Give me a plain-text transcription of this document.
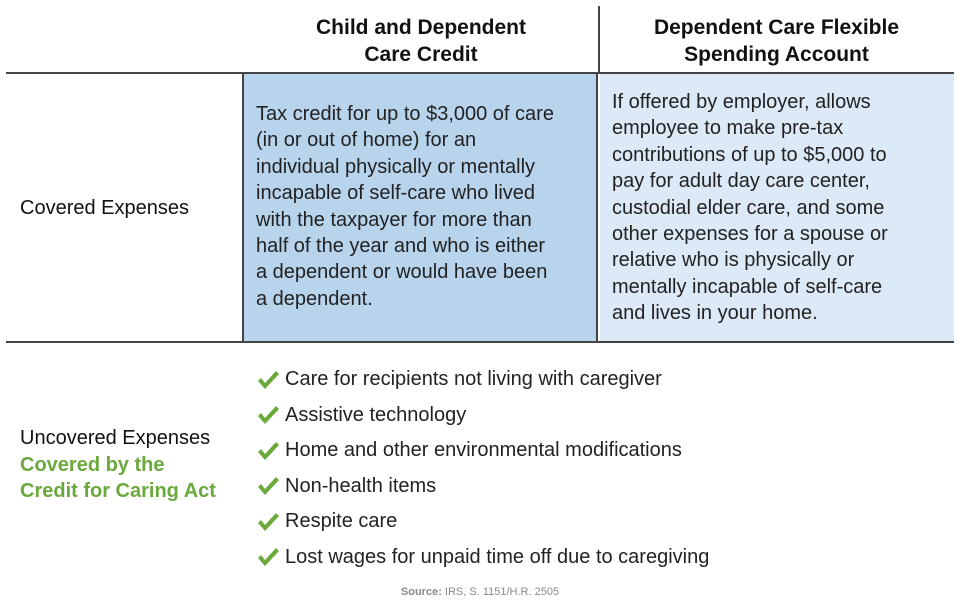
Child and Dependent
Care Credit
Dependent Care Flexible
Spending Account
Tax credit for up to $3,000 of care
(in or out of home) for an
individual physically or mentally
incapable of self-care who lived
with the taxpayer for more than
half of the year and who is either
a dependent or would have been
a dependent.
If offered by employer, allows
employee to make pre-tax
contributions of up to $5,000 to
pay for adult day care center,
custodial elder care, and some
other expenses for a spouse or
relative who is physically or
mentally incapable of self-care
and lives in your home.
Covered Expenses
Uncovered Expenses
Covered by the
Credit for Caring Act
Care for recipients not living with caregiver
Assistive technology
Home and other environmental modifications
Non-health items
Respite care
Lost wages for unpaid time off due to caregiving
Source: IRS, S. 1151/H.R. 2505
